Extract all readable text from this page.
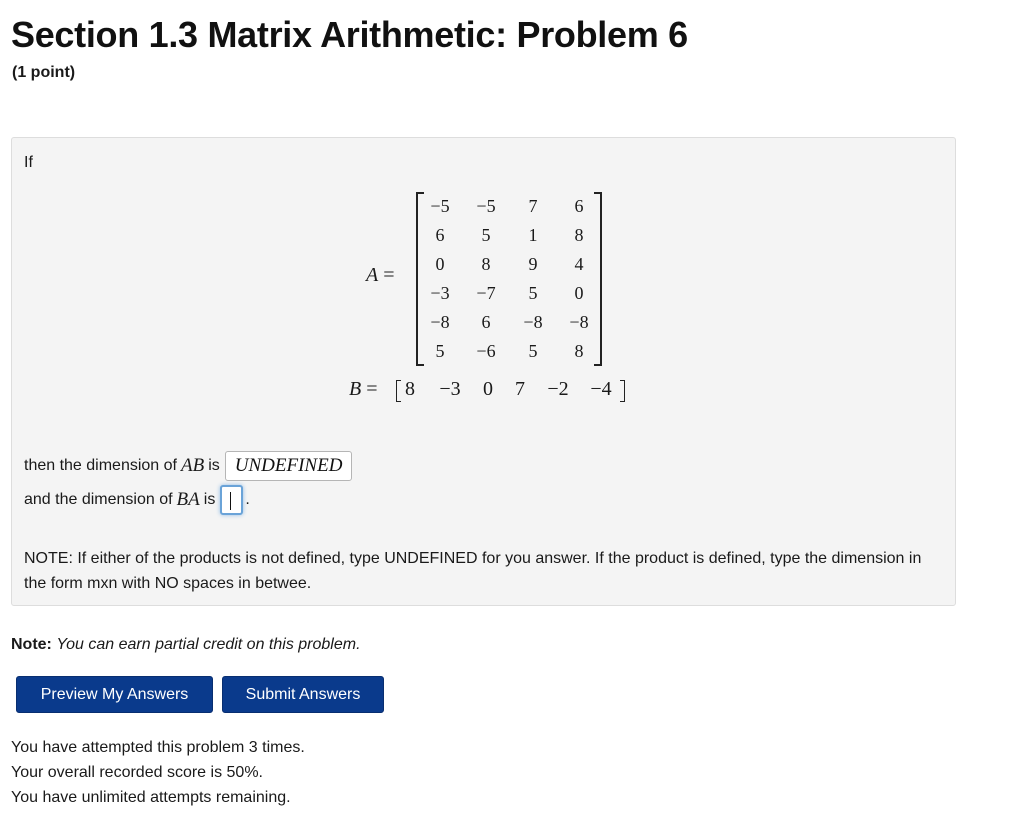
Section 1.3 Matrix Arithmetic: Problem 6
(1 point)
If
A =
−5	−5	7	6
6	5	1	8
0	8	9	4
−3	−7	5	0
−8	6	−8	−8
5	−6	5	8
B =	8	−3	0	7	−2 −4
then the dimension of AB is UNDEFINED
and the dimension of BA is .
NOTE: If either of the products is not defined, type UNDEFINED for you answer. If the product is defined, type the dimension in the form mxn with NO spaces in betwee.
Note: You can earn partial credit on this problem.
Preview My Answers	Submit Answers
You have attempted this problem 3 times.
Your overall recorded score is 50%.
You have unlimited attempts remaining.
